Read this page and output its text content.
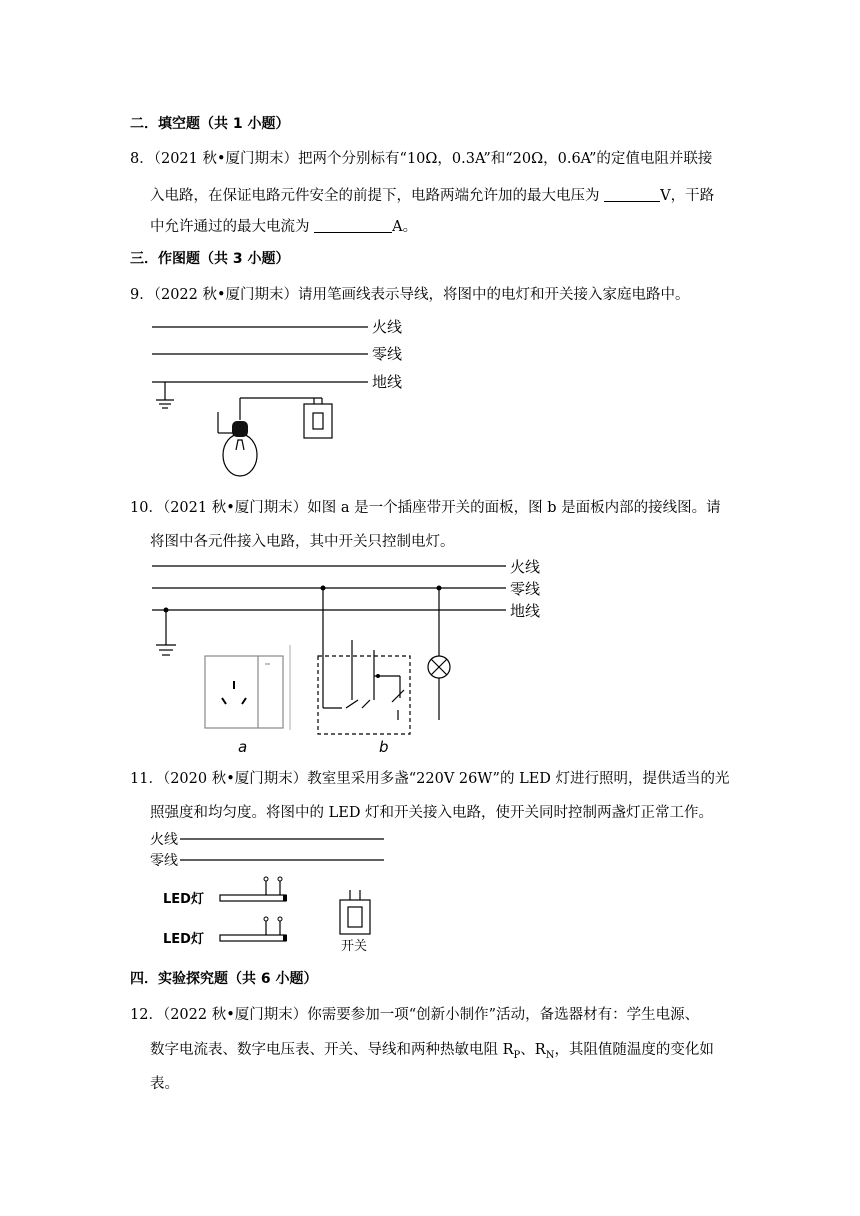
二．填空题（共 1 小题）
8．（2021 秋•厦门期末）把两个分别标有“10Ω，0.3A”和“20Ω，0.6A”的定值电阻并联接
入电路，在保证电路元件安全的前提下，电路两端允许加的最大电压为	V，干路
中允许通过的最大电流为	A。
三．作图题（共 3 小题）
9．（2022 秋•厦门期末）请用笔画线表示导线，将图中的电灯和开关接入家庭电路中。
火线
零线
地线
10．（2021 秋•厦门期末）如图 a 是一个插座带开关的面板，图 b 是面板内部的接线图。请
将图中各元件接入电路，其中开关只控制电灯。
火线
零线
地线
a	b
11．（2020 秋•厦门期末）教室里采用多盏“220V 26W”的 LED 灯进行照明，提供适当的光
照强度和均匀度。将图中的 LED 灯和开关接入电路，使开关同时控制两盏灯正常工作。
火线
零线
LED灯
LED灯	开关
四．实验探究题（共 6 小题）
12．（2022 秋•厦门期末）你需要参加一项“创新小制作”活动，备选器材有：学生电源、
数字电流表、数字电压表、开关、导线和两种热敏电阻 $R_P$、$R_N$，其阻值随温度的变化如
表。
